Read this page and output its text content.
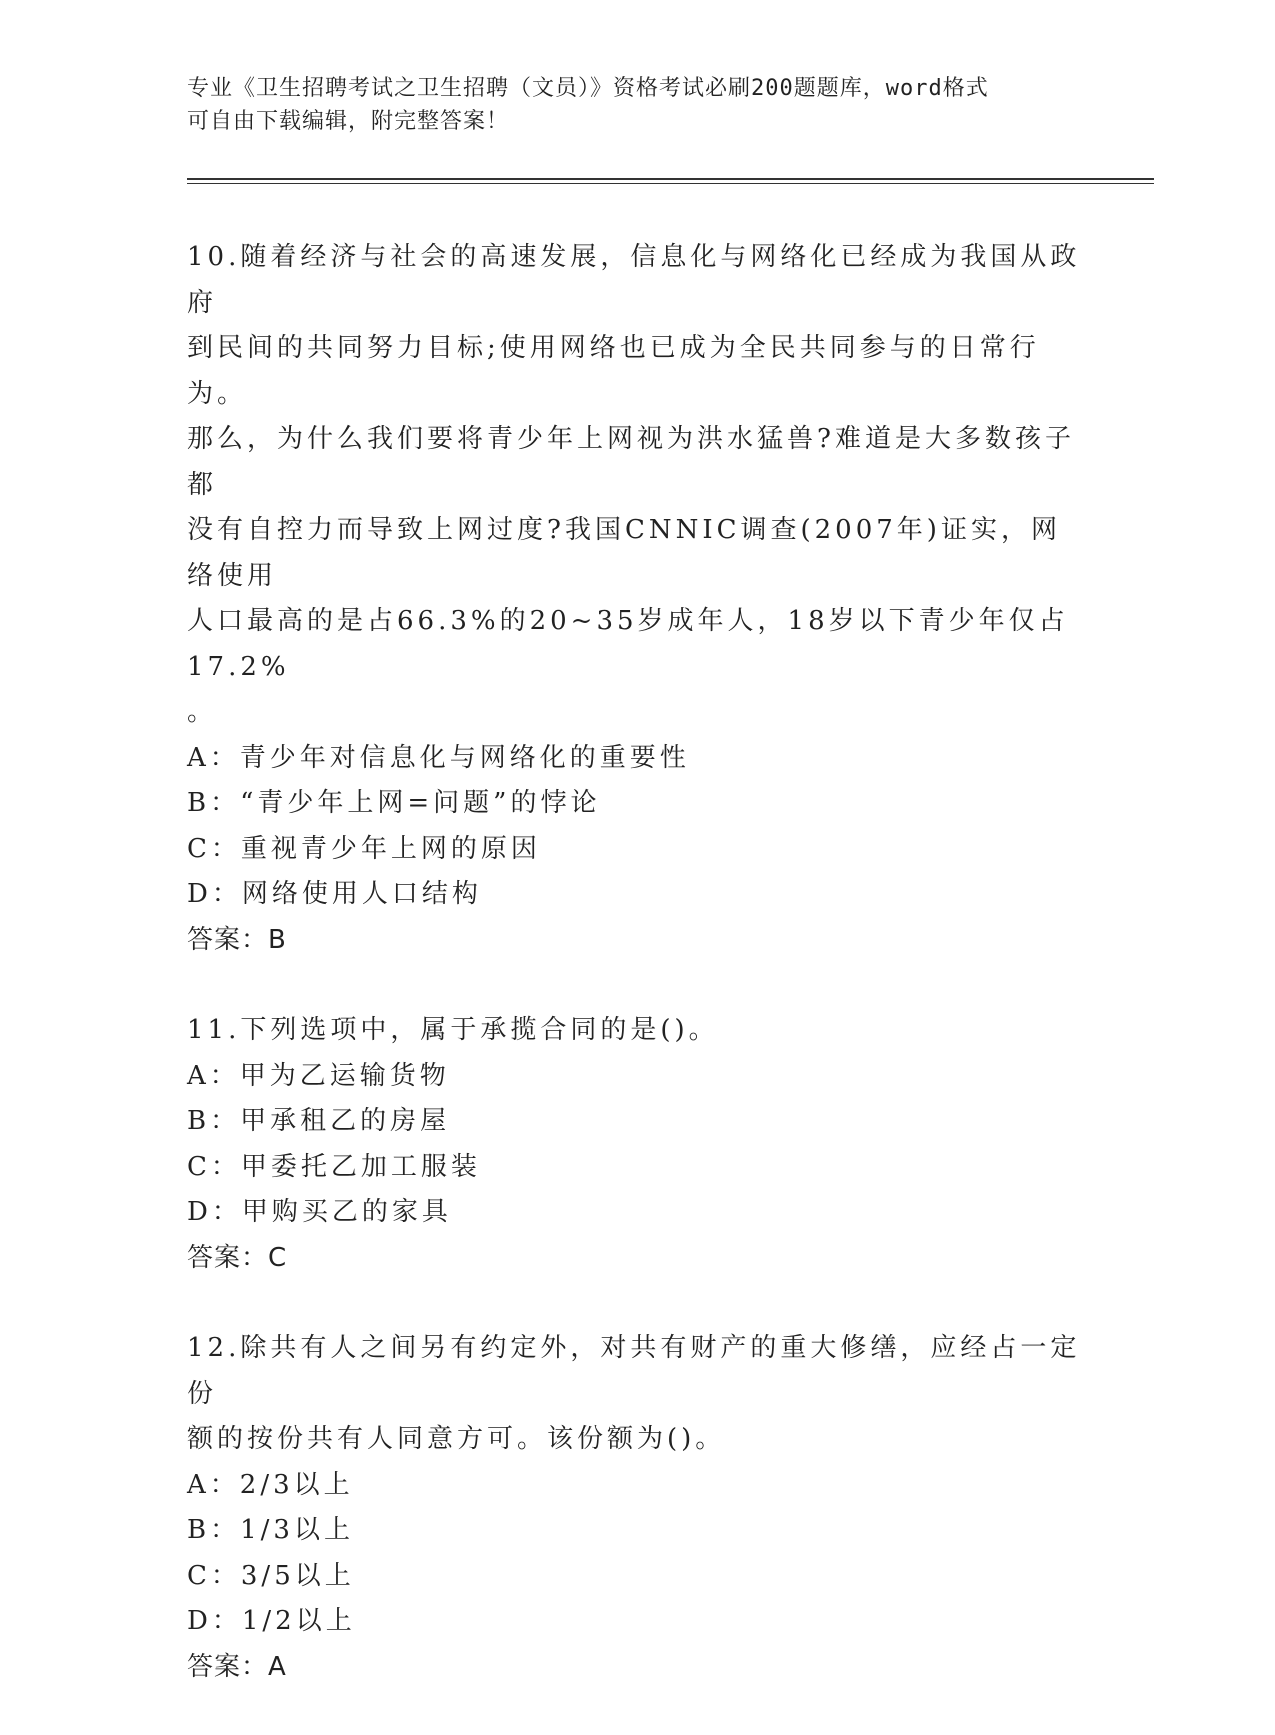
专业《卫生招聘考试之卫生招聘（文员）》资格考试必刷200题题库，word格式
可自由下载编辑，附完整答案！

10.随着经济与社会的高速发展，信息化与网络化已经成为我国从政府

到民间的共同努力目标;使用网络也已成为全民共同参与的日常行为。

那么，为什么我们要将青少年上网视为洪水猛兽?难道是大多数孩子都

没有自控力而导致上网过度?我国CNNIC调查(2007年)证实，网络使用

人口最高的是占66.3%的20~35岁成年人，18岁以下青少年仅占17.2%

。

A：青少年对信息化与网络化的重要性

B：“青少年上网=问题”的悖论

C：重视青少年上网的原因

D：网络使用人口结构

答案：B

11.下列选项中，属于承揽合同的是()。

A：甲为乙运输货物

B：甲承租乙的房屋

C：甲委托乙加工服装

D：甲购买乙的家具

答案：C

12.除共有人之间另有约定外，对共有财产的重大修缮，应经占一定份

额的按份共有人同意方可。该份额为()。

A：2/3以上

B：1/3以上

C：3/5以上

D：1/2以上

答案：A
